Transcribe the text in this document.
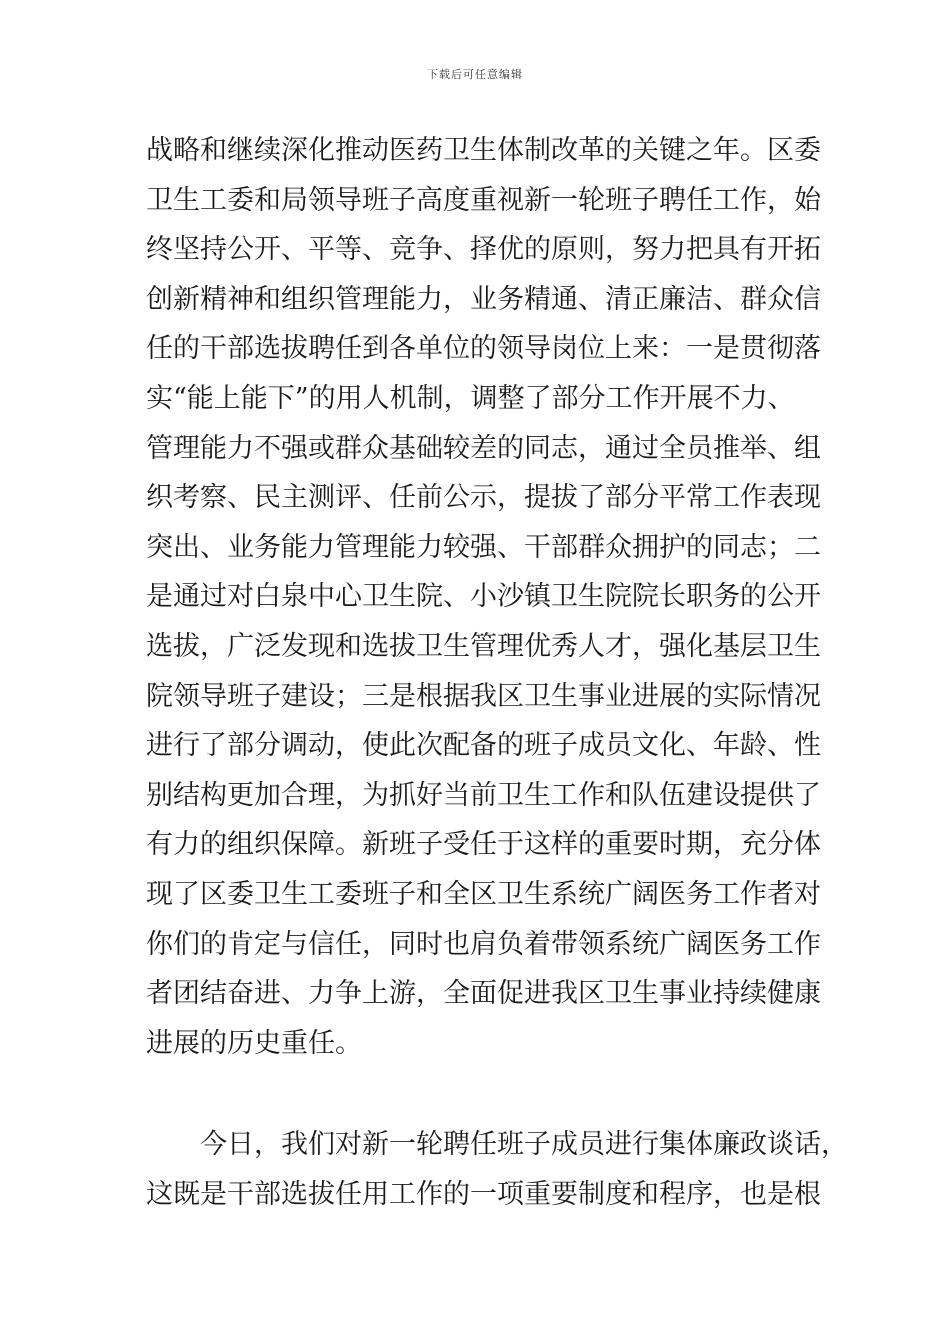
下载后可任意编辑
战略和继续深化推动医药卫生体制改革的关键之年。区委
卫生工委和局领导班子高度重视新一轮班子聘任工作，始
终坚持公开、平等、竞争、择优的原则，努力把具有开拓
创新精神和组织管理能力，业务精通、清正廉洁、群众信
任的干部选拔聘任到各单位的领导岗位上来：一是贯彻落
实“能上能下”的用人机制，调整了部分工作开展不力、
管理能力不强或群众基础较差的同志，通过全员推举、组
织考察、民主测评、任前公示，提拔了部分平常工作表现
突出、业务能力管理能力较强、干部群众拥护的同志；二
是通过对白泉中心卫生院、小沙镇卫生院院长职务的公开
选拔，广泛发现和选拔卫生管理优秀人才，强化基层卫生
院领导班子建设；三是根据我区卫生事业进展的实际情况
进行了部分调动，使此次配备的班子成员文化、年龄、性
别结构更加合理，为抓好当前卫生工作和队伍建设提供了
有力的组织保障。新班子受任于这样的重要时期，充分体
现了区委卫生工委班子和全区卫生系统广阔医务工作者对
你们的肯定与信任，同时也肩负着带领系统广阔医务工作
者团结奋进、力争上游，全面促进我区卫生事业持续健康
进展的历史重任。
今日，我们对新一轮聘任班子成员进行集体廉政谈话，
这既是干部选拔任用工作的一项重要制度和程序，也是根
